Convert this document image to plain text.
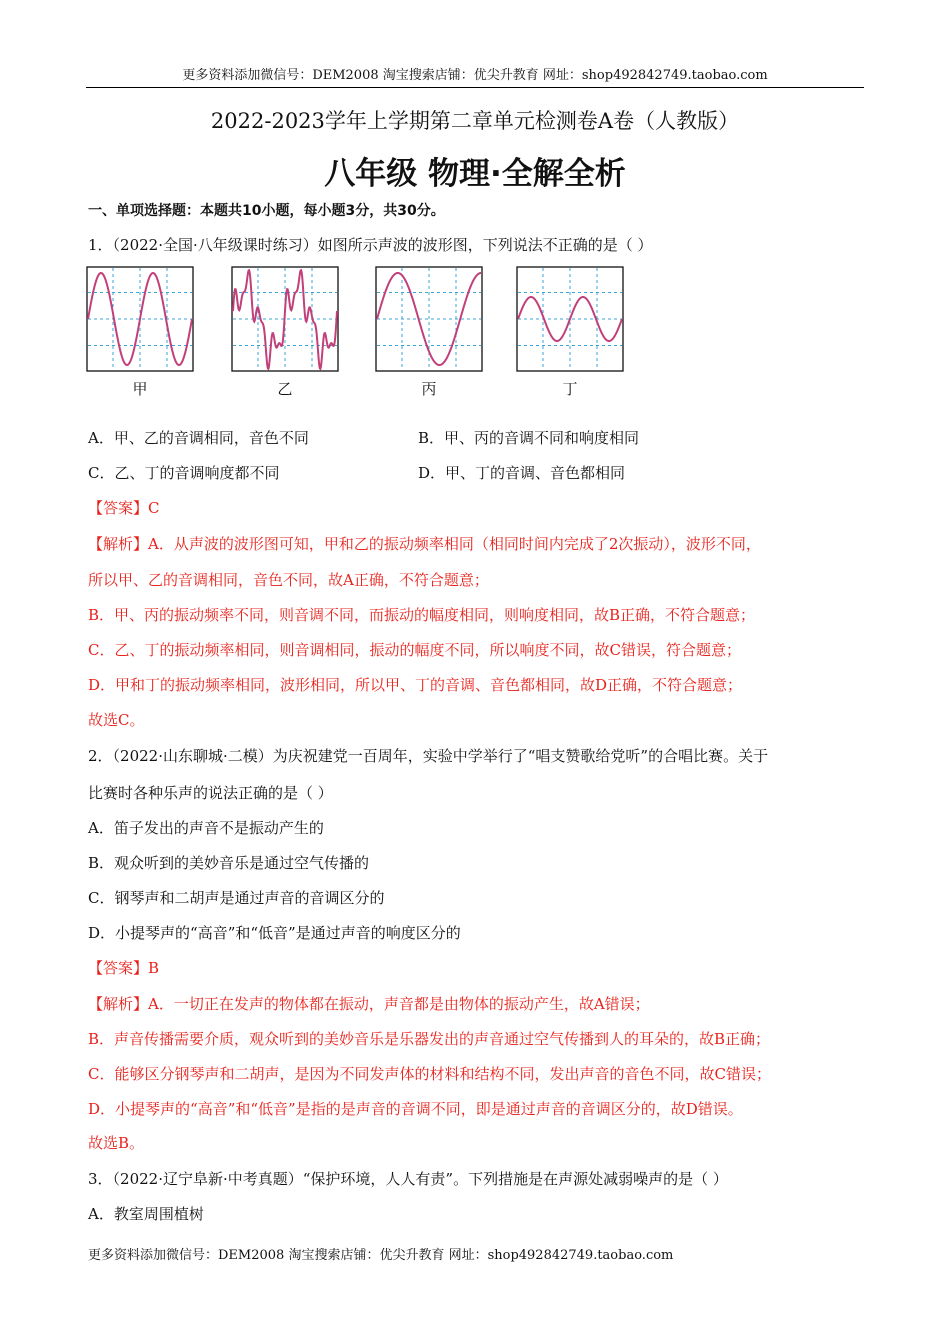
更多资料添加微信号：DEM2008 淘宝搜索店铺：优尖升教育 网址：shop492842749.taobao.com
2022-2023学年上学期第二章单元检测卷A卷（人教版）
八年级 物理·全解全析
一、单项选择题：本题共10小题，每小题3分，共30分。
1．（2022·全国·八年级课时练习）如图所示声波的波形图，下列说法不正确的是（ ）
甲	乙	丙	丁
A．甲、乙的音调相同，音色不同	B．甲、丙的音调不同和响度相同
C．乙、丁的音调响度都不同	D．甲、丁的音调、音色都相同
【答案】C
【解析】A．从声波的波形图可知，甲和乙的振动频率相同（相同时间内完成了2次振动），波形不同，
所以甲、乙的音调相同，音色不同，故A正确，不符合题意；
B．甲、丙的振动频率不同，则音调不同，而振动的幅度相同，则响度相同，故B正确，不符合题意；
C．乙、丁的振动频率相同，则音调相同，振动的幅度不同，所以响度不同，故C错误，符合题意；
D．甲和丁的振动频率相同，波形相同，所以甲、丁的音调、音色都相同，故D正确，不符合题意；
故选C。
2．（2022·山东聊城·二模）为庆祝建党一百周年，实验中学举行了“唱支赞歌给党听”的合唱比赛。关于
比赛时各种乐声的说法正确的是（ ）
A．笛子发出的声音不是振动产生的
B．观众听到的美妙音乐是通过空气传播的
C．钢琴声和二胡声是通过声音的音调区分的
D．小提琴声的“高音”和“低音”是通过声音的响度区分的
【答案】B
【解析】A．一切正在发声的物体都在振动，声音都是由物体的振动产生，故A错误；
B．声音传播需要介质，观众听到的美妙音乐是乐器发出的声音通过空气传播到人的耳朵的，故B正确；
C．能够区分钢琴声和二胡声，是因为不同发声体的材料和结构不同，发出声音的音色不同，故C错误；
D．小提琴声的“高音”和“低音”是指的是声音的音调不同，即是通过声音的音调区分的，故D错误。
故选B。
3．（2022·辽宁阜新·中考真题）“保护环境，人人有责”。下列措施是在声源处减弱噪声的是（ ）
A．教室周围植树
更多资料添加微信号：DEM2008 淘宝搜索店铺：优尖升教育 网址：shop492842749.taobao.com
